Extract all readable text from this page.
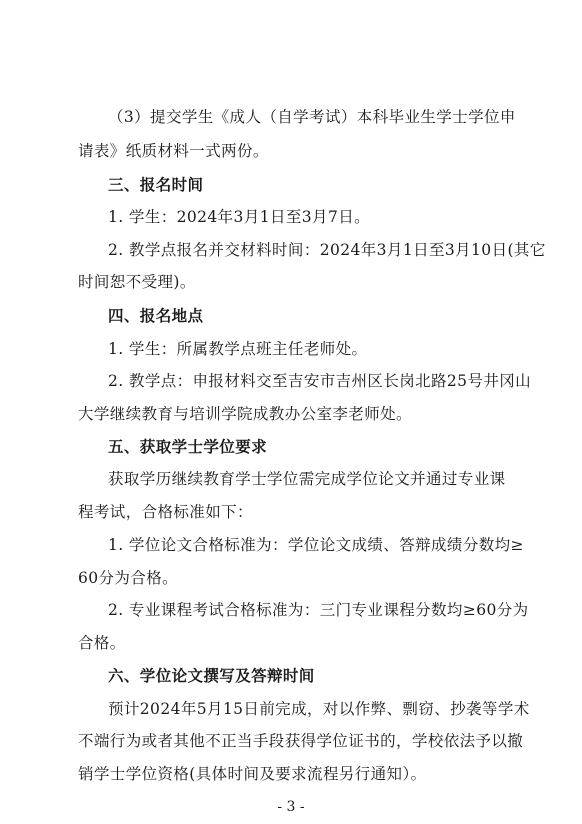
（3）提交学生《成人（自学考试）本科毕业生学士学位申
请表》纸质材料一式两份。
三、报名时间
1. 学生：2024年3月1日至3月7日。
2. 教学点报名并交材料时间：2024年3月1日至3月10日(其它
时间恕不受理)。
四、报名地点
1. 学生：所属教学点班主任老师处。
2. 教学点：申报材料交至吉安市吉州区长岗北路25号井冈山
大学继续教育与培训学院成教办公室李老师处。
五、获取学士学位要求
获取学历继续教育学士学位需完成学位论文并通过专业课
程考试，合格标准如下：
1. 学位论文合格标准为：学位论文成绩、答辩成绩分数均≥
60分为合格。
2. 专业课程考试合格标准为：三门专业课程分数均≥60分为
合格。
六、学位论文撰写及答辩时间
预计2024年5月15日前完成，对以作弊、剽窃、抄袭等学术
不端行为或者其他不正当手段获得学位证书的，学校依法予以撤
销学士学位资格(具体时间及要求流程另行通知）。
- 3 -
